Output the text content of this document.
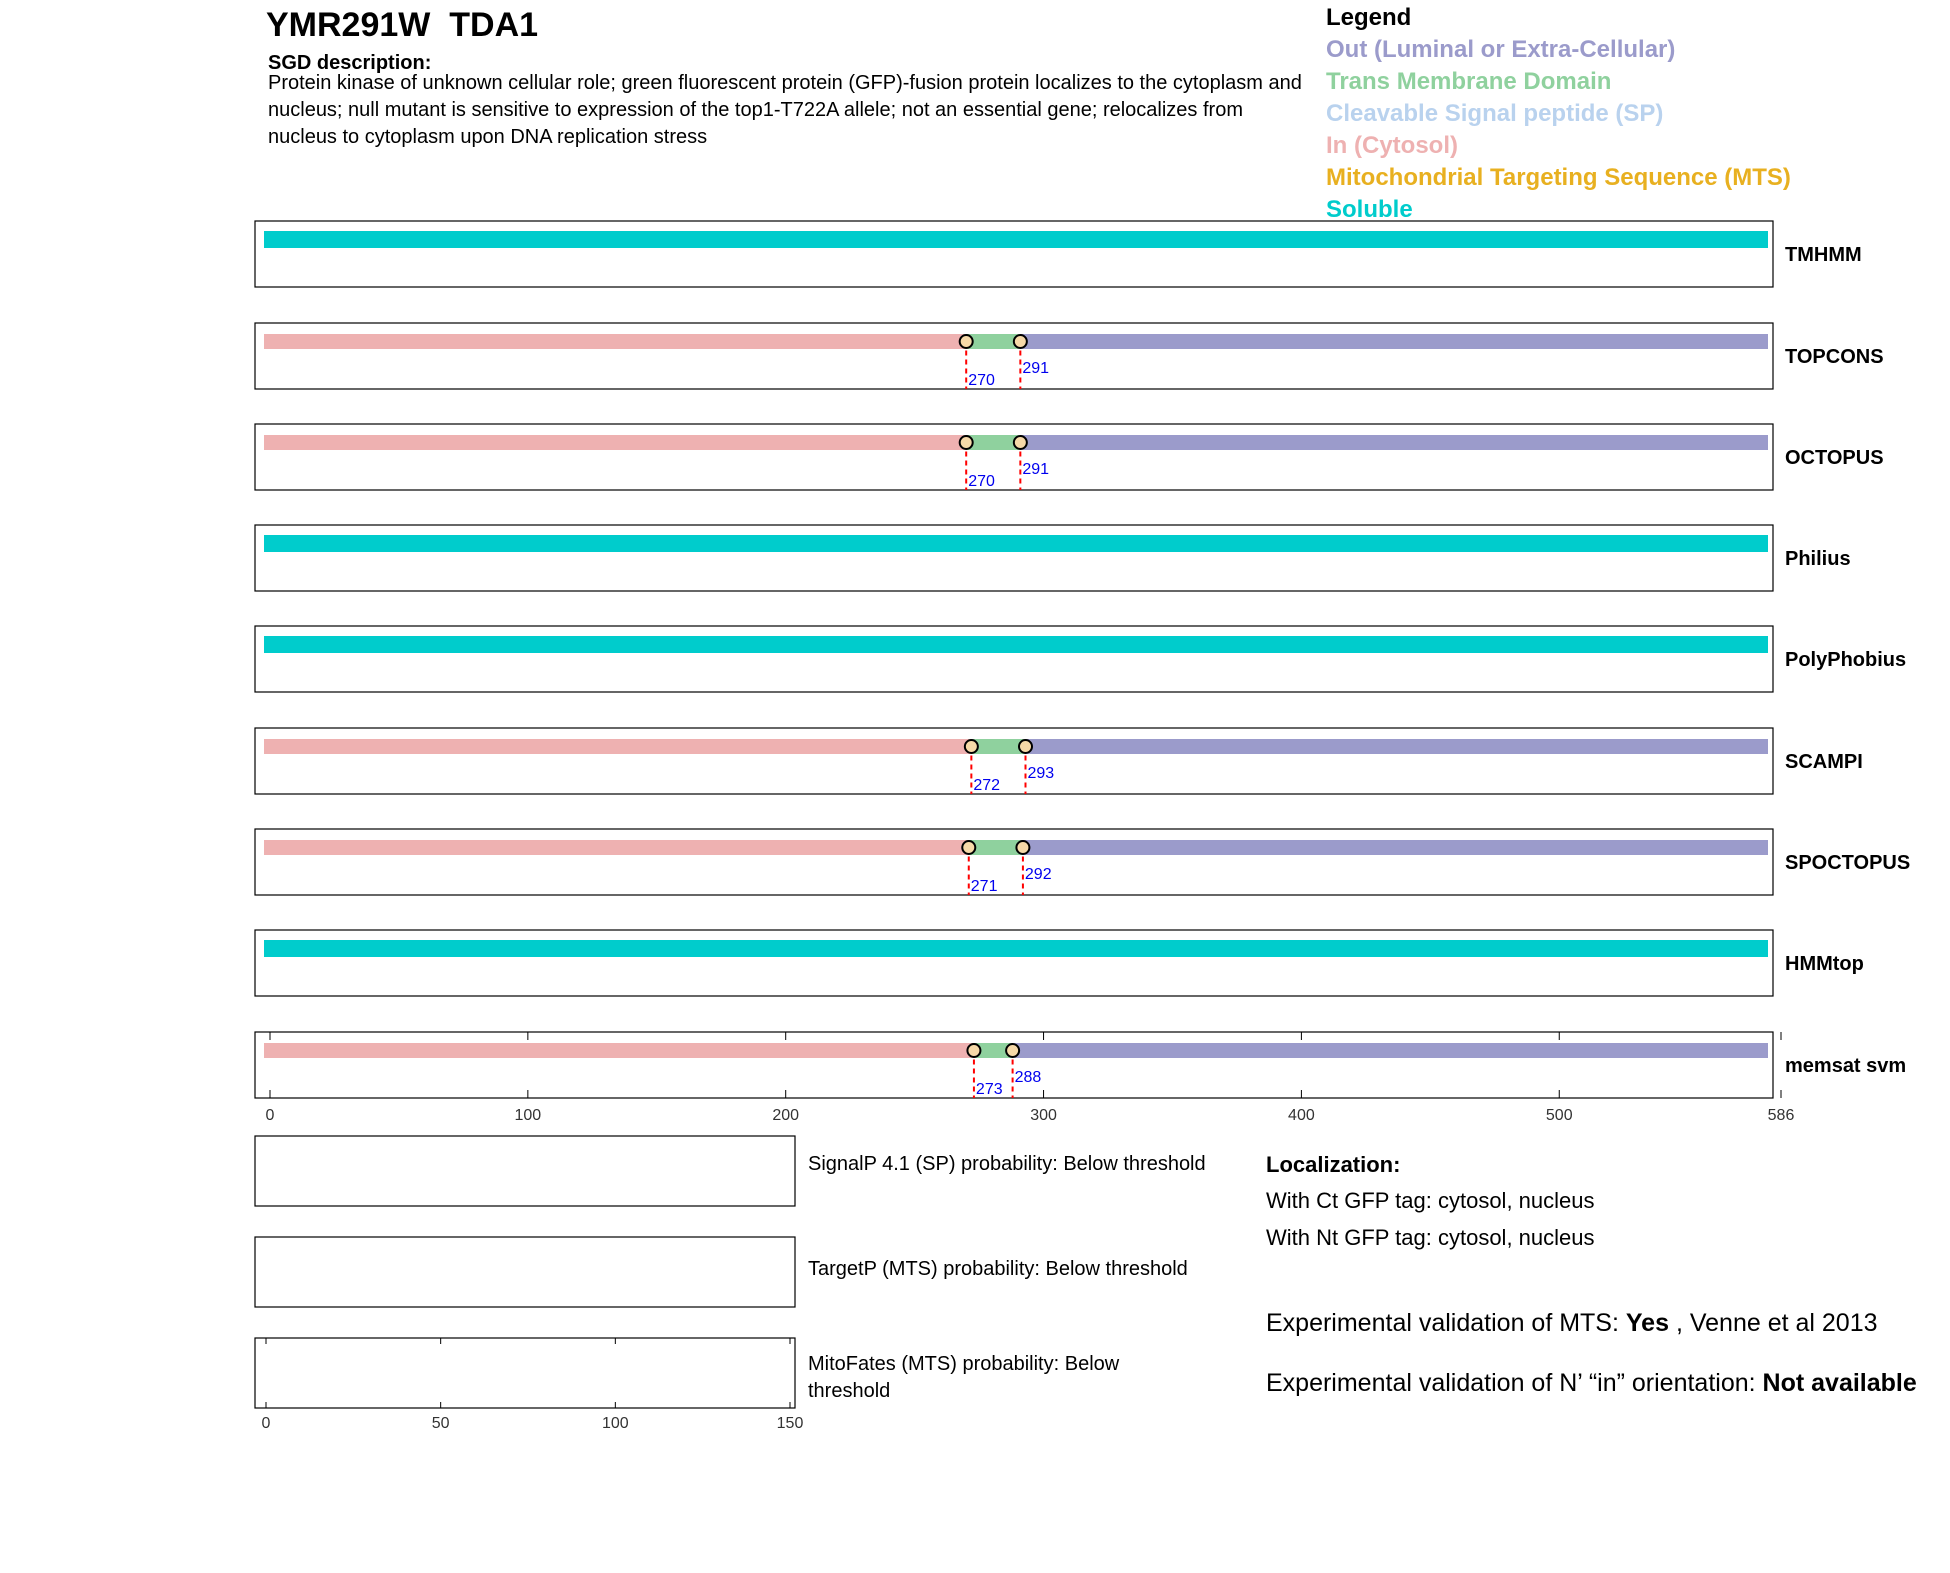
YMR291W  TDA1
SGD description:
Protein kinase of unknown cellular role; green fluorescent protein (GFP)-fusion protein localizes to the cytoplasm and nucleus; null mutant is sensitive to expression of the top1-T722A allele; not an essential gene; relocalizes from nucleus to cytoplasm upon DNA replication stress
Legend
Out (Luminal or Extra-Cellular)
Trans Membrane Domain
Cleavable Signal peptide (SP)
In (Cytosol)
Mitochondrial Targeting Sequence (MTS)
Soluble
TMHMM
270
291
TOPCONS
270
291
OCTOPUS
Philius
PolyPhobius
272
293
SCAMPI
271
292
SPOCTOPUS
HMMtop
273
288
memsat svm
0	100	200	300	400	500	586
0	50	100	150
SignalP 4.1 (SP) probability: Below threshold
TargetP (MTS) probability: Below threshold
MitoFates (MTS) probability: Below threshold
Localization:
With Ct GFP tag: cytosol, nucleus
With Nt GFP tag: cytosol, nucleus
Experimental validation of MTS: Yes , Venne et al 2013
Experimental validation of N’ “in” orientation: Not available
